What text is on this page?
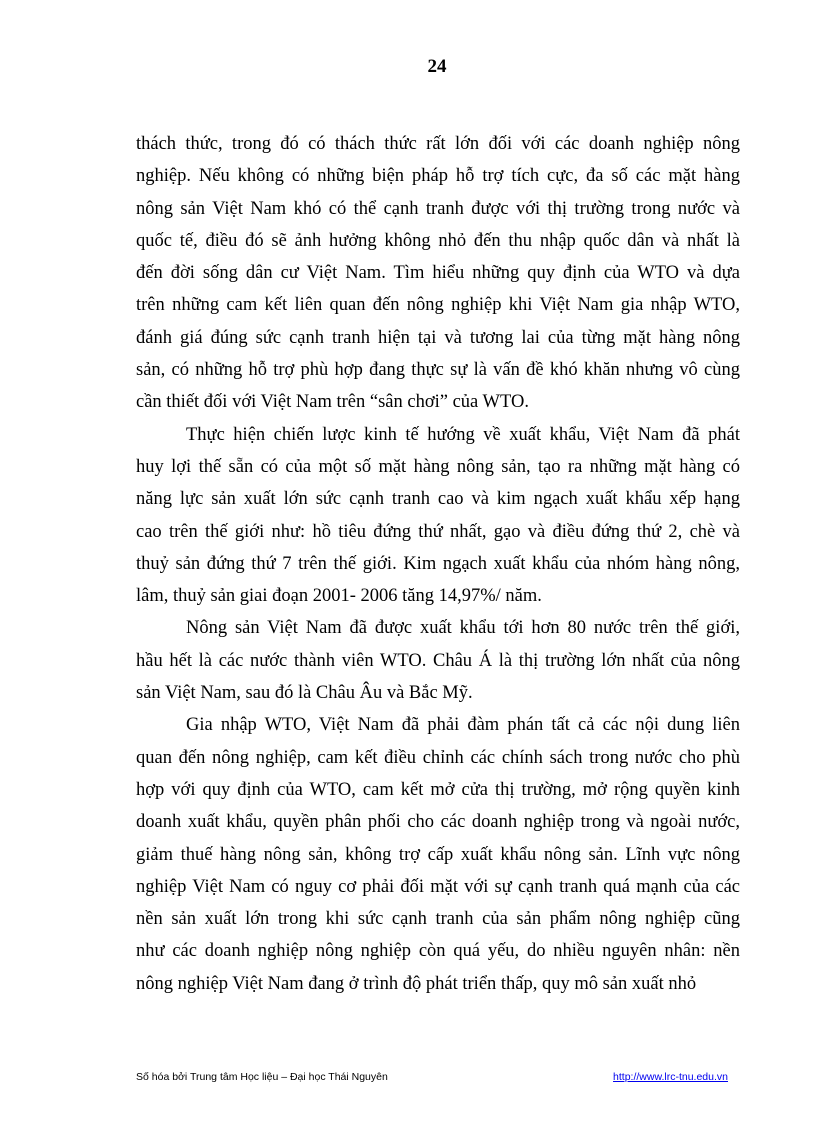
24
thách thức, trong đó có thách thức rất lớn đối với các doanh nghiệp nông
nghiệp. Nếu không có những biện pháp hỗ trợ tích cực, đa số các mặt hàng
nông sản Việt Nam khó có thể cạnh tranh được với thị trường trong nước và
quốc tế, điều đó sẽ ảnh hưởng không nhỏ đến thu nhập quốc dân và nhất là
đến đời sống dân cư Việt Nam. Tìm hiểu những quy định của WTO và dựa
trên những cam kết liên quan đến nông nghiệp khi Việt Nam gia nhập WTO,
đánh giá đúng sức cạnh tranh hiện tại và tương lai của từng mặt hàng nông
sản, có những hỗ trợ phù hợp đang thực sự là vấn đề khó khăn nhưng vô cùng
cần thiết đối với Việt Nam trên “sân chơi” của WTO.
Thực hiện chiến lược kinh tế hướng về xuất khẩu, Việt Nam đã phát
huy lợi thế sẵn có của một số mặt hàng nông sản, tạo ra những mặt hàng có
năng lực sản xuất lớn sức cạnh tranh cao và kim ngạch xuất khẩu xếp hạng
cao trên thế giới như: hồ tiêu đứng thứ nhất, gạo và điều đứng thứ 2, chè và
thuỷ sản đứng thứ 7 trên thế giới. Kim ngạch xuất khẩu của nhóm hàng nông,
lâm, thuỷ sản giai đoạn 2001- 2006 tăng 14,97%/ năm.
Nông sản Việt Nam đã được xuất khẩu tới hơn 80 nước trên thế giới,
hầu hết là các nước thành viên WTO. Châu Á là thị trường lớn nhất của nông
sản Việt Nam, sau đó là Châu Âu và Bắc Mỹ.
Gia nhập WTO, Việt Nam đã phải đàm phán tất cả các nội dung liên
quan đến nông nghiệp, cam kết điều chỉnh các chính sách trong nước cho phù
hợp với quy định của WTO, cam kết mở cửa thị trường, mở rộng quyền kinh
doanh xuất khẩu, quyền phân phối cho các doanh nghiệp trong và ngoài nước,
giảm thuế hàng nông sản, không trợ cấp xuất khẩu nông sản. Lĩnh vực nông
nghiệp Việt Nam có nguy cơ phải đối mặt với sự cạnh tranh quá mạnh của các
nền sản xuất lớn trong khi sức cạnh tranh của sản phẩm nông nghiệp cũng
như các doanh nghiệp nông nghiệp còn quá yếu, do nhiều nguyên nhân: nền
nông nghiệp Việt Nam đang ở trình độ phát triển thấp, quy mô sản xuất nhỏ
Số hóa bởi Trung tâm Học liệu – Đại học Thái Nguyên	http://www.lrc-tnu.edu.vn
